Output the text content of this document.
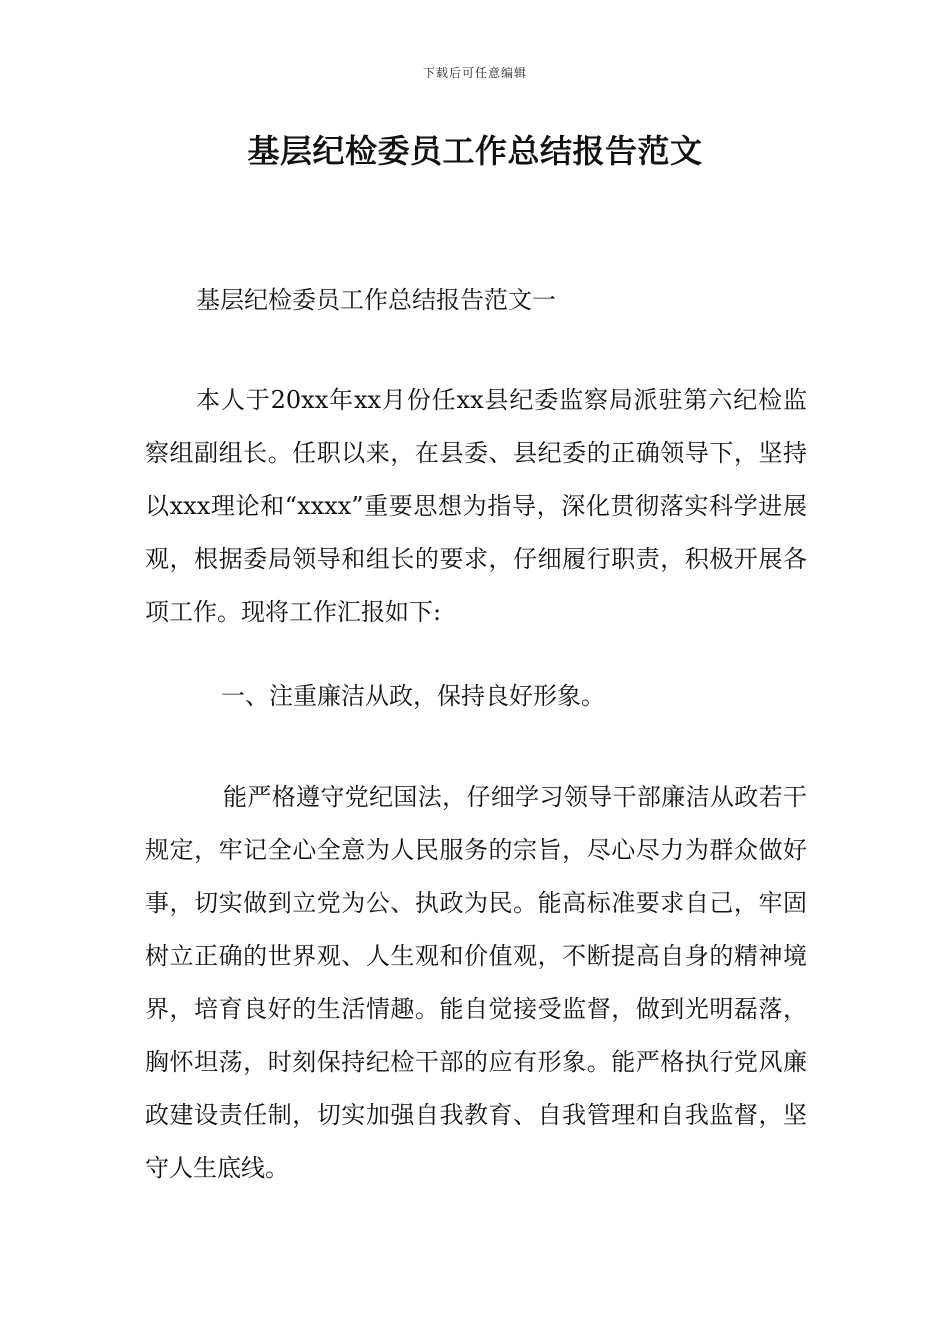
下载后可任意编辑
基层纪检委员工作总结报告范文

基层纪检委员工作总结报告范文一

本人于20xx年xx月份任xx县纪委监察局派驻第六纪检监察组副组长。任职以来，在县委、县纪委的正确领导下，坚持以xxx理论和“xxxx”重要思想为指导，深化贯彻落实科学进展观，根据委局领导和组长的要求，仔细履行职责，积极开展各项工作。现将工作汇报如下:

一、注重廉洁从政，保持良好形象。

能严格遵守党纪国法，仔细学习领导干部廉洁从政若干规定，牢记全心全意为人民服务的宗旨，尽心尽力为群众做好事，切实做到立党为公、执政为民。能高标准要求自己，牢固树立正确的世界观、人生观和价值观，不断提高自身的精神境界，培育良好的生活情趣。能自觉接受监督，做到光明磊落，胸怀坦荡，时刻保持纪检干部的应有形象。能严格执行党风廉政建设责任制，切实加强自我教育、自我管理和自我监督，坚守人生底线。
